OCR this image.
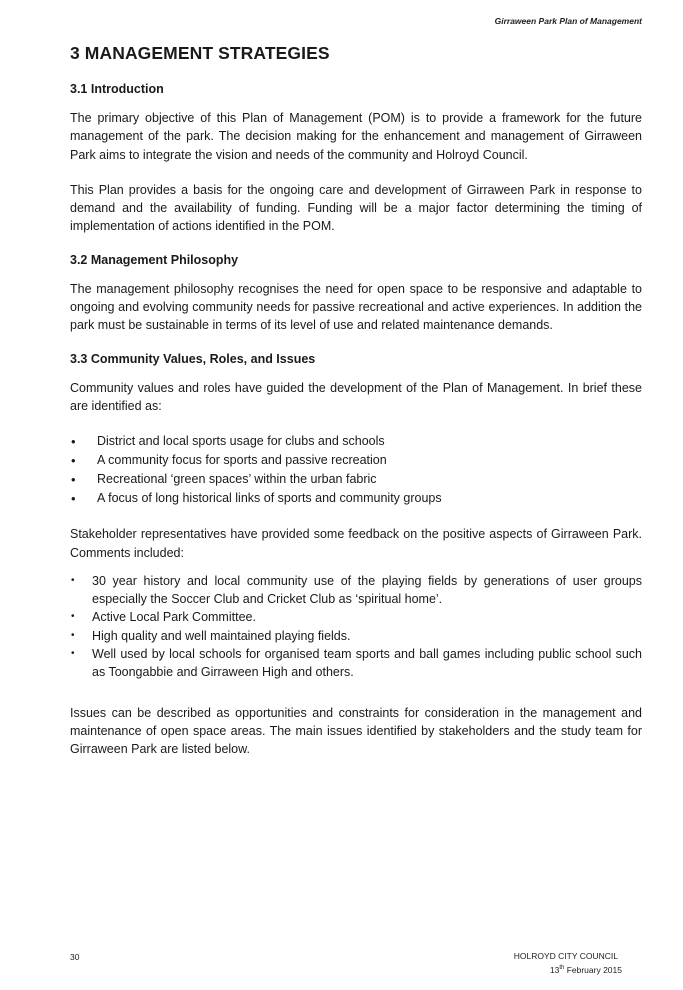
Girraween Park Plan of Management
3 MANAGEMENT STRATEGIES
3.1 Introduction

The primary objective of this Plan of Management (POM) is to provide a framework for the future management of the park. The decision making for the enhancement and management of Girraween Park aims to integrate the vision and needs of the community and Holroyd Council.

This Plan provides a basis for the ongoing care and development of Girraween Park in response to demand and the availability of funding. Funding will be a major factor determining the timing of implementation of actions identified in the POM.

3.2 Management Philosophy

The management philosophy recognises the need for open space to be responsive and adaptable to ongoing and evolving community needs for passive recreational and active experiences. In addition the park must be sustainable in terms of its level of use and related maintenance demands.

3.3 Community Values, Roles, and Issues

Community values and roles have guided the development of the Plan of Management. In brief these are identified as:

• District and local sports usage for clubs and schools
• A community focus for sports and passive recreation
• Recreational ‘green spaces’ within the urban fabric
• A focus of long historical links of sports and community groups

Stakeholder representatives have provided some feedback on the positive aspects of Girraween Park. Comments included:

• 30 year history and local community use of the playing fields by generations of user groups especially the Soccer Club and Cricket Club as ‘spiritual home’.
• Active Local Park Committee.
• High quality and well maintained playing fields.
• Well used by local schools for organised team sports and ball games including public school such as Toongabbie and Girraween High and others.

Issues can be described as opportunities and constraints for consideration in the management and maintenance of open space areas. The main issues identified by stakeholders and the study team for Girraween Park are listed below.

30	HOLROYD CITY COUNCIL
13th February 2015
